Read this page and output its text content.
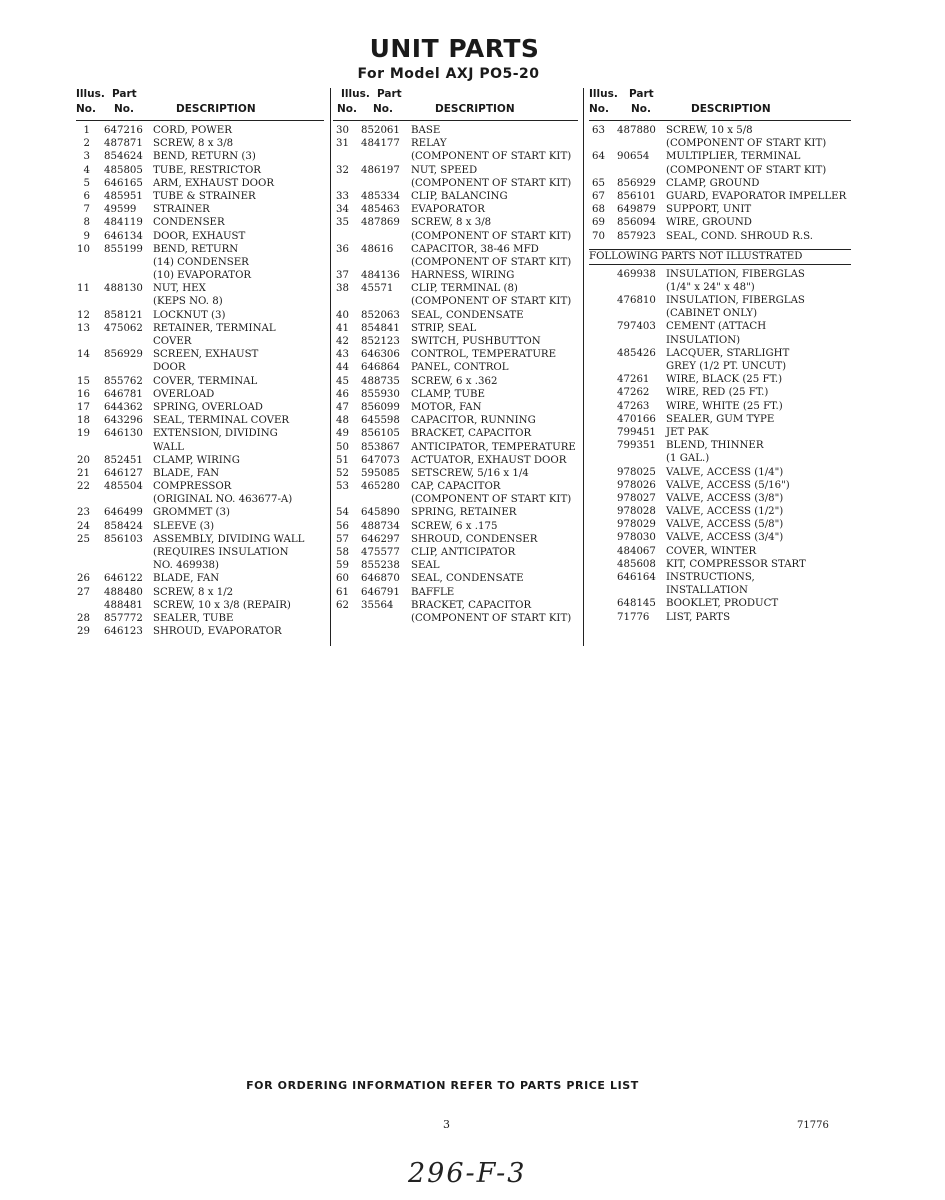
UNIT PARTS
For Model AXJ PO5-20
Illus. Part
No. No.	DESCRIPTION
1 647216 CORD, POWER
2 487871 SCREW, 8 x 3/8
3 854624 BEND, RETURN (3)
4 485805 TUBE, RESTRICTOR
5 646165 ARM, EXHAUST DOOR
6 485951 TUBE & STRAINER
7 49599 STRAINER
8 484119 CONDENSER
9 646134 DOOR, EXHAUST
10 855199 BEND, RETURN
(14) CONDENSER
(10) EVAPORATOR
11 488130 NUT, HEX
(KEPS NO. 8)
12 858121 LOCKNUT (3)
13 475062 RETAINER, TERMINAL
COVER
14 856929 SCREEN, EXHAUST
DOOR
15 855762 COVER, TERMINAL
16 646781 OVERLOAD
17 644362 SPRING, OVERLOAD
18 643296 SEAL, TERMINAL COVER
19 646130 EXTENSION, DIVIDING
WALL
20 852451 CLAMP, WIRING
21 646127 BLADE, FAN
22 485504 COMPRESSOR
(ORIGINAL NO. 463677-A)
23 646499 GROMMET (3)
24 858424 SLEEVE (3)
25 856103 ASSEMBLY, DIVIDING WALL
(REQUIRES INSULATION
NO. 469938)
26 646122 BLADE, FAN
27 488480 SCREW, 8 x 1/2
488481 SCREW, 10 x 3/8 (REPAIR)
28 857772 SEALER, TUBE
29 646123 SHROUD, EVAPORATOR
Illus. Part
No. No.	DESCRIPTION
30 852061 BASE
31 484177 RELAY
(COMPONENT OF START KIT)
32 486197 NUT, SPEED
(COMPONENT OF START KIT)
33 485334 CLIP, BALANCING
34 485463 EVAPORATOR
35 487869 SCREW, 8 x 3/8
(COMPONENT OF START KIT)
36 48616 CAPACITOR, 38-46 MFD
(COMPONENT OF START KIT)
37 484136 HARNESS, WIRING
38 45571 CLIP, TERMINAL (8)
(COMPONENT OF START KIT)
40 852063 SEAL, CONDENSATE
41 854841 STRIP, SEAL
42 852123 SWITCH, PUSHBUTTON
43 646306 CONTROL, TEMPERATURE
44 646864 PANEL, CONTROL
45 488735 SCREW, 6 x .362
46 855930 CLAMP, TUBE
47 856099 MOTOR, FAN
48 645598 CAPACITOR, RUNNING
49 856105 BRACKET, CAPACITOR
50 853867 ANTICIPATOR, TEMPERATURE
51 647073 ACTUATOR, EXHAUST DOOR
52 595085 SETSCREW, 5/16 x 1/4
53 465280 CAP, CAPACITOR
(COMPONENT OF START KIT)
54 645890 SPRING, RETAINER
56 488734 SCREW, 6 x .175
57 646297 SHROUD, CONDENSER
58 475577 CLIP, ANTICIPATOR
59 855238 SEAL
60 646870 SEAL, CONDENSATE
61 646791 BAFFLE
62 35564 BRACKET, CAPACITOR
(COMPONENT OF START KIT)
Illus. Part
No. No.	DESCRIPTION
63 487880 SCREW, 10 x 5/8
(COMPONENT OF START KIT)
64 90654 MULTIPLIER, TERMINAL
(COMPONENT OF START KIT)
65 856929 CLAMP, GROUND
67 856101 GUARD, EVAPORATOR IMPELLER
68 649879 SUPPORT, UNIT
69 856094 WIRE, GROUND
70 857923 SEAL, COND. SHROUD R.S.
FOLLOWING PARTS NOT ILLUSTRATED
469938 INSULATION, FIBERGLAS
(1/4" x 24" x 48")
476810 INSULATION, FIBERGLAS
(CABINET ONLY)
797403 CEMENT (ATTACH
INSULATION)
485426 LACQUER, STARLIGHT
GREY (1/2 PT. UNCUT)
47261 WIRE, BLACK (25 FT.)
47262 WIRE, RED (25 FT.)
47263 WIRE, WHITE (25 FT.)
470166 SEALER, GUM TYPE
799451 JET PAK
799351 BLEND, THINNER
(1 GAL.)
978025 VALVE, ACCESS (1/4")
978026 VALVE, ACCESS (5/16")
978027 VALVE, ACCESS (3/8")
978028 VALVE, ACCESS (1/2")
978029 VALVE, ACCESS (5/8")
978030 VALVE, ACCESS (3/4")
484067 COVER, WINTER
485608 KIT, COMPRESSOR START
646164 INSTRUCTIONS,
INSTALLATION
648145 BOOKLET, PRODUCT
71776 LIST, PARTS
FOR ORDERING INFORMATION REFER TO PARTS PRICE LIST
3	71776
296-F-3
